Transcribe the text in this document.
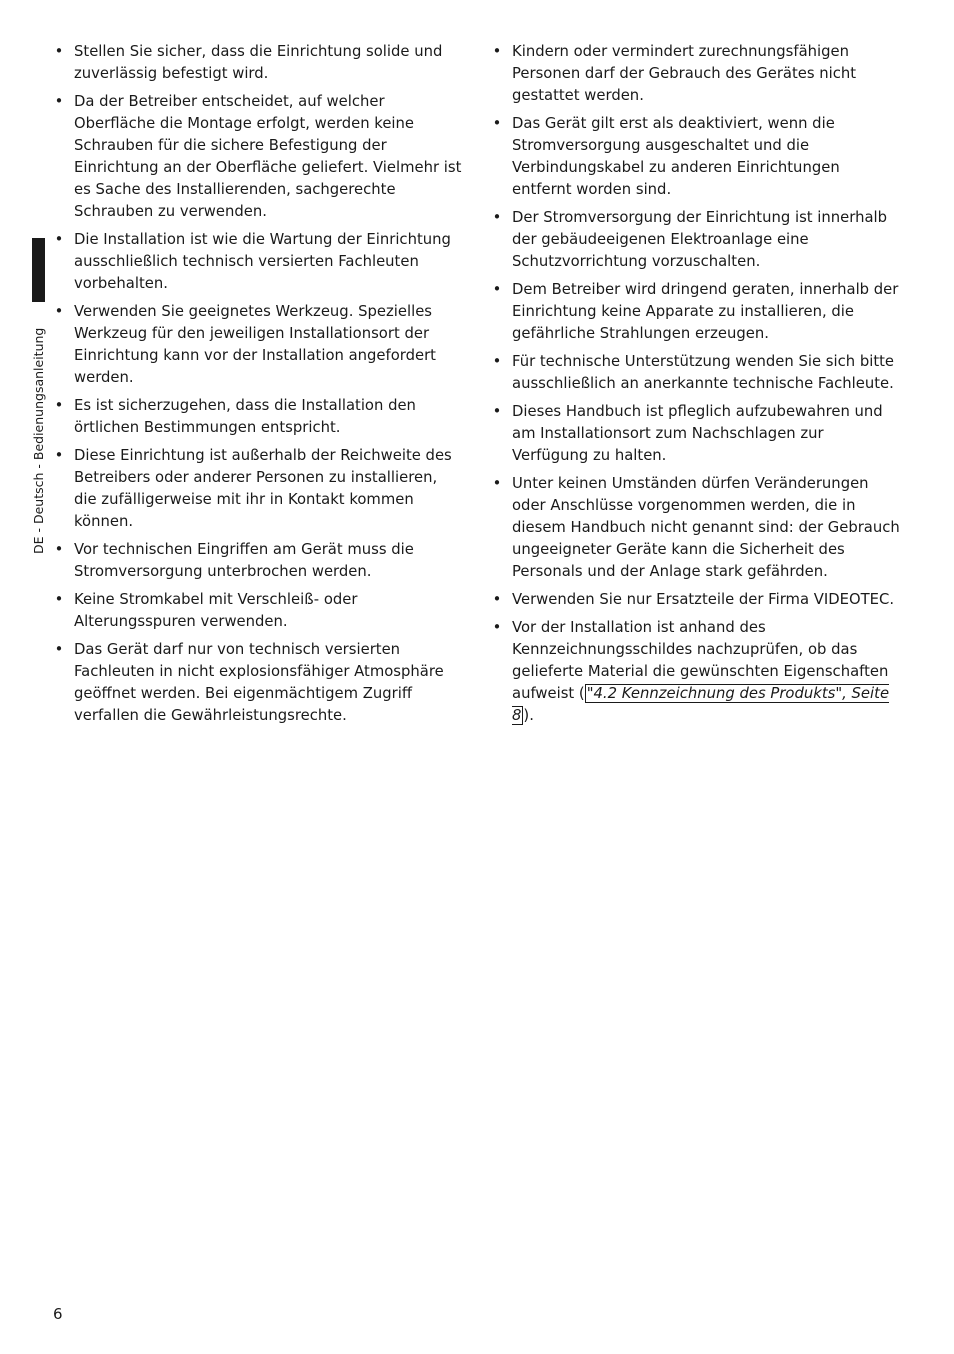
DE - Deutsch - Bedienungsanleitung
• Stellen Sie sicher, dass die Einrichtung solide und zuverlässig befestigt wird.
• Da der Betreiber entscheidet, auf welcher Oberfläche die Montage erfolgt, werden keine Schrauben für die sichere Befestigung der Einrichtung an der Oberfläche geliefert. Vielmehr ist es Sache des Installierenden, sachgerechte Schrauben zu verwenden.
• Die Installation ist wie die Wartung der Einrichtung ausschließlich technisch versierten Fachleuten vorbehalten.
• Verwenden Sie geeignetes Werkzeug. Spezielles Werkzeug für den jeweiligen Installationsort der Einrichtung kann vor der Installation angefordert werden.
• Es ist sicherzugehen, dass die Installation den örtlichen Bestimmungen entspricht.
• Diese Einrichtung ist außerhalb der Reichweite des Betreibers oder anderer Personen zu installieren, die zufälligerweise mit ihr in Kontakt kommen können.
• Vor technischen Eingriffen am Gerät muss die Stromversorgung unterbrochen werden.
• Keine Stromkabel mit Verschleiß- oder Alterungsspuren verwenden.
• Das Gerät darf nur von technisch versierten Fachleuten in nicht explosionsfähiger Atmosphäre geöffnet werden. Bei eigenmächtigem Zugriff verfallen die Gewährleistungsrechte.
• Kindern oder vermindert zurechnungsfähigen Personen darf der Gebrauch des Gerätes nicht gestattet werden.
• Das Gerät gilt erst als deaktiviert, wenn die Stromversorgung ausgeschaltet und die Verbindungskabel zu anderen Einrichtungen entfernt worden sind.
• Der Stromversorgung der Einrichtung ist innerhalb der gebäudeeigenen Elektroanlage eine Schutzvorrichtung vorzuschalten.
• Dem Betreiber wird dringend geraten, innerhalb der Einrichtung keine Apparate zu installieren, die gefährliche Strahlungen erzeugen.
• Für technische Unterstützung wenden Sie sich bitte ausschließlich an anerkannte technische Fachleute.
• Dieses Handbuch ist pfleglich aufzubewahren und am Installationsort zum Nachschlagen zur Verfügung zu halten.
• Unter keinen Umständen dürfen Veränderungen oder Anschlüsse vorgenommen werden, die in diesem Handbuch nicht genannt sind: der Gebrauch ungeeigneter Geräte kann die Sicherheit des Personals und der Anlage stark gefährden.
• Verwenden Sie nur Ersatzteile der Firma VIDEOTEC.
• Vor der Installation ist anhand des Kennzeichnungsschildes nachzuprüfen, ob das gelieferte Material die gewünschten Eigenschaften aufweist ( "4.2 Kennzeichnung des Produkts", Seite 8 ).
6
